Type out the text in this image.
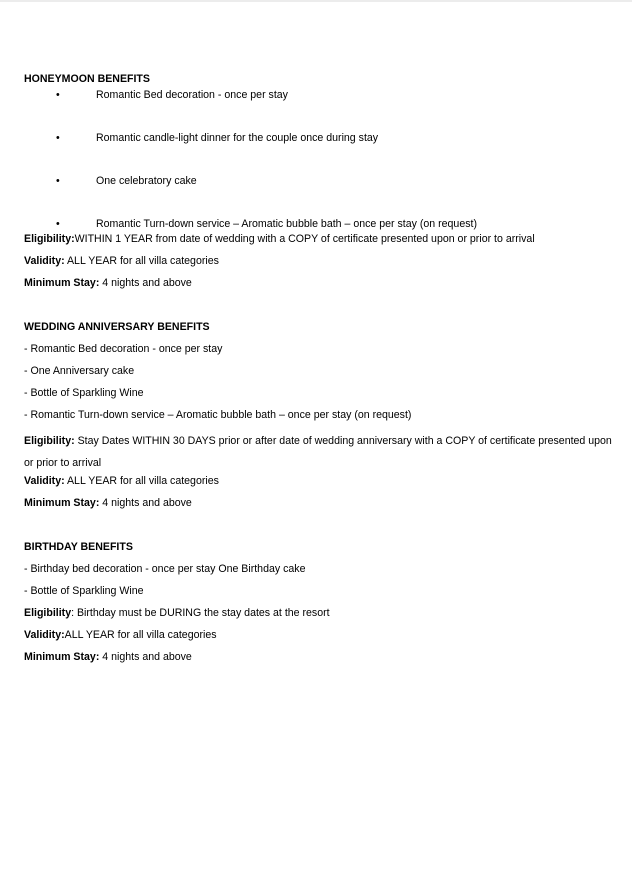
HONEYMOON BENEFITS
•	Romantic Bed decoration - once per stay
•	Romantic candle-light dinner for the couple once during stay
•	One celebratory cake
•	Romantic Turn-down service – Aromatic bubble bath – once per stay (on request)
Eligibility:WITHIN 1 YEAR from date of wedding with a COPY of certificate presented upon or prior to arrival
Validity: ALL YEAR for all villa categories
Minimum Stay: 4 nights and above
WEDDING ANNIVERSARY BENEFITS
- Romantic Bed decoration - once per stay
- One Anniversary cake
- Bottle of Sparkling Wine
- Romantic Turn-down service – Aromatic bubble bath – once per stay (on request)
Eligibility: Stay Dates WITHIN 30 DAYS prior or after date of wedding anniversary with a COPY of certificate presented upon or prior to arrival
Validity: ALL YEAR for all villa categories
Minimum Stay: 4 nights and above
BIRTHDAY BENEFITS
- Birthday bed decoration - once per stay One Birthday cake
- Bottle of Sparkling Wine
Eligibility: Birthday must be DURING the stay dates at the resort
Validity:ALL YEAR for all villa categories
Minimum Stay: 4 nights and above
